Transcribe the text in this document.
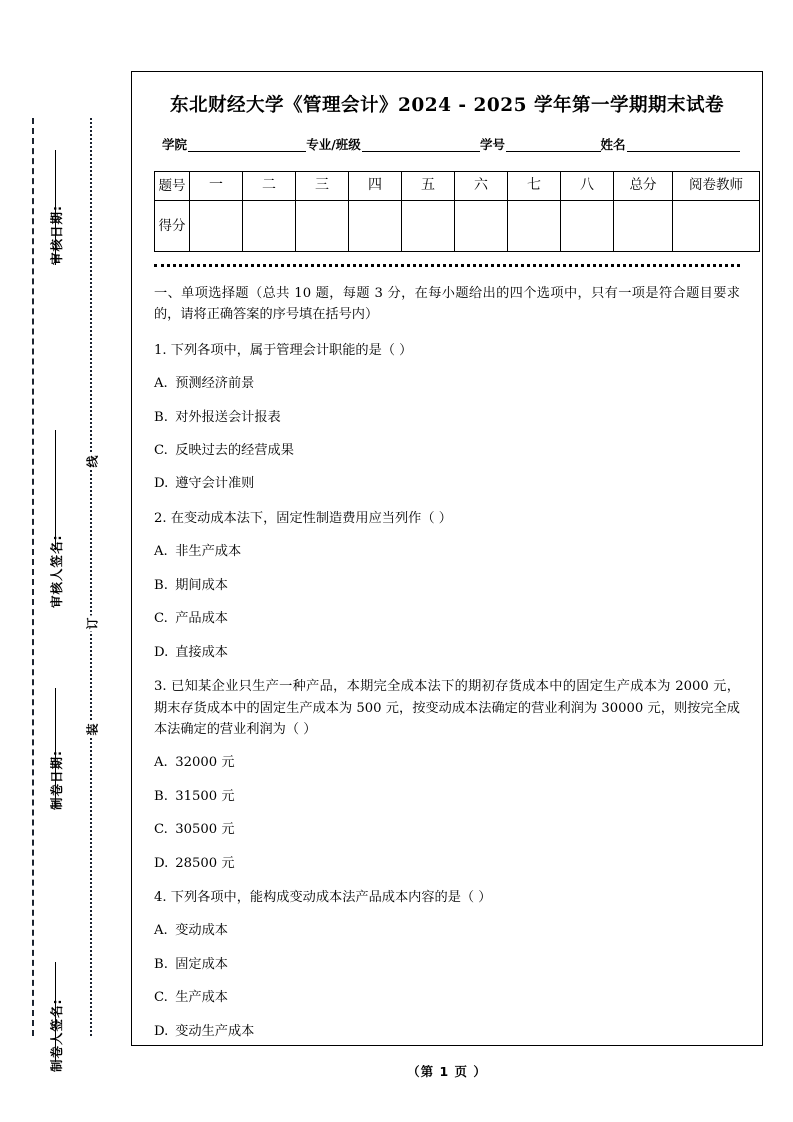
审核日期:
审核人签名:
制卷日期:
制卷人签名:
线
订
装
东北财经大学《管理会计》2024 - 2025 学年第一学期期末试卷
学院	专业/班级	学号	姓名
题号	一	二	三	四	五	六	七	八	总分	阅卷教师
得分										
一、单项选择题（总共 10 题，每题 3 分，在每小题给出的四个选项中，只有一项是符合题目要求的，请将正确答案的序号填在括号内）
1. 下列各项中，属于管理会计职能的是（ ）
A. 预测经济前景
B. 对外报送会计报表
C. 反映过去的经营成果
D. 遵守会计准则
2. 在变动成本法下，固定性制造费用应当列作（ ）
A. 非生产成本
B. 期间成本
C. 产品成本
D. 直接成本
3. 已知某企业只生产一种产品，本期完全成本法下的期初存货成本中的固定生产成本为 2000 元，期末存货成本中的固定生产成本为 500 元，按变动成本法确定的营业利润为 30000 元，则按完全成本法确定的营业利润为（ ）
A. 32000 元
B. 31500 元
C. 30500 元
D. 28500 元
4. 下列各项中，能构成变动成本法产品成本内容的是（ ）
A. 变动成本
B. 固定成本
C. 生产成本
D. 变动生产成本
（第 1 页 ）
